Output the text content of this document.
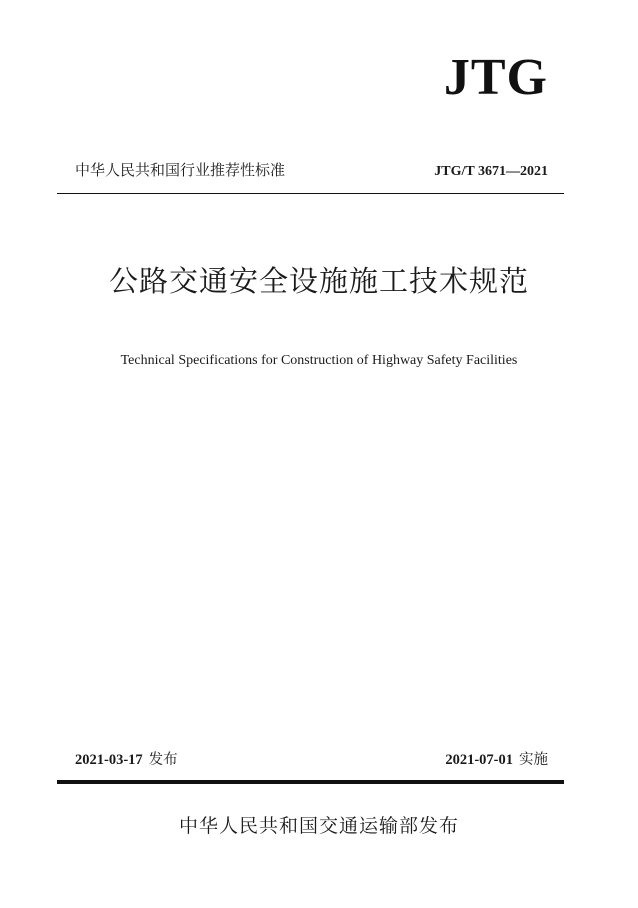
JTG
中华人民共和国行业推荐性标准	JTG/T 3671—2021
公路交通安全设施施工技术规范
Technical Specifications for Construction of Highway Safety Facilities
2021-03-17 发布	2021-07-01 实施
中华人民共和国交通运输部发布
